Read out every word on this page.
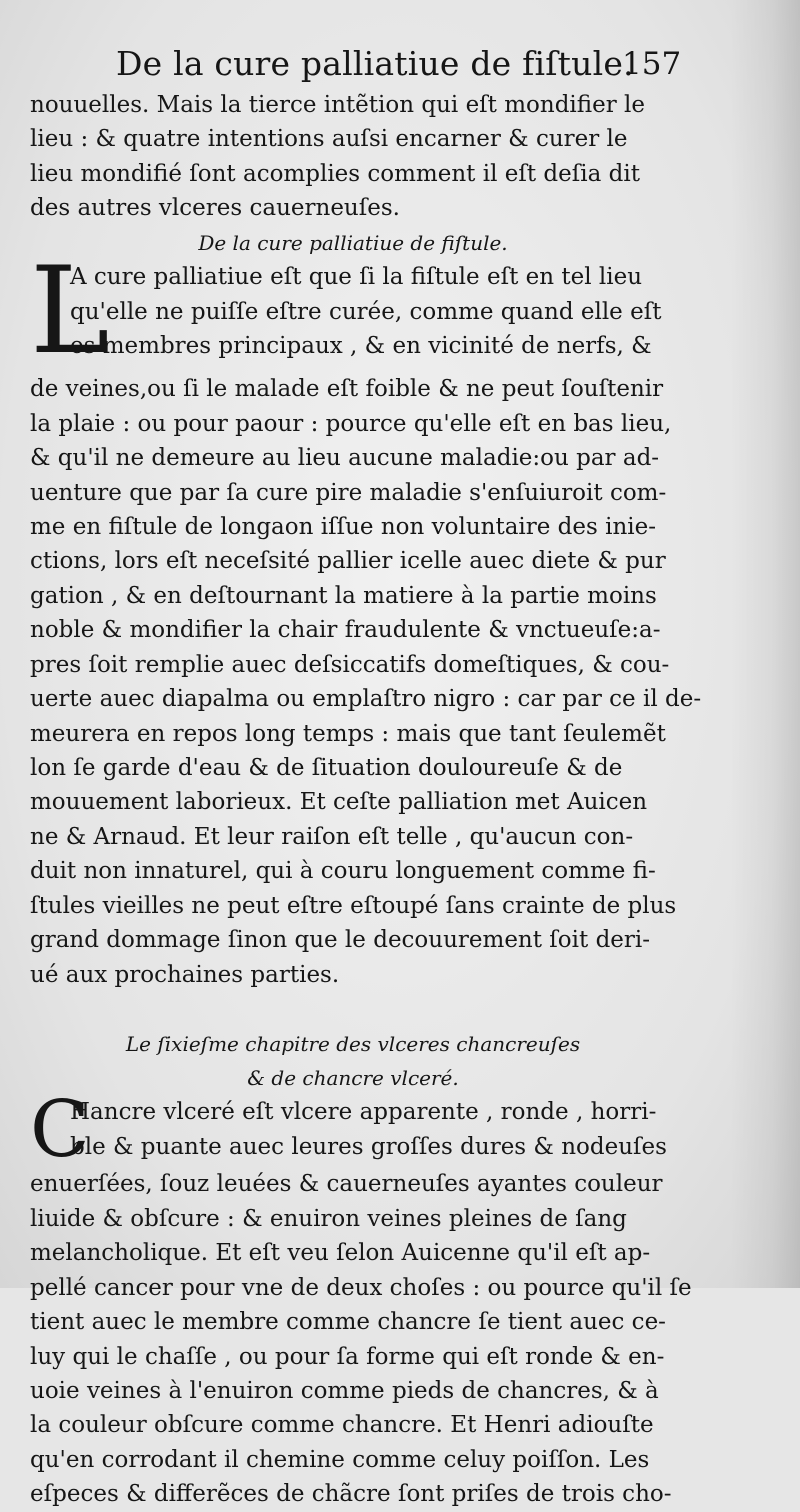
De la cure palliatiue de fiſtule.
157
nouuelles. Mais la tierce intẽtion qui eſt mondifier le
lieu : & quatre intentions auſsi encarner & curer le
lieu mondifié ſont acomplies comment il eſt deſia dit
des autres vlceres cauerneuſes.
De la cure palliatiue de fiſtule.
L
A cure palliatiue eſt que ſi la fiſtule eſt en tel lieu
qu'elle ne puiſſe eſtre curée, comme quand elle eſt
es membres principaux , & en vicinité de nerfs, &
de veines,ou ſi le malade eſt foible & ne peut ſouſtenir
la plaie : ou pour paour : pource qu'elle eſt en bas lieu,
& qu'il ne demeure au lieu aucune maladie:ou par ad-
uenture que par ſa cure pire maladie s'enſuiuroit com-
me en fiſtule de longaon iſſue non voluntaire des inie-
ctions, lors eſt neceſsité pallier icelle auec diete & pur
gation , & en deſtournant la matiere à la partie moins
noble & mondifier la chair fraudulente & vnctueuſe:a-
pres ſoit remplie auec deſsiccatifs domeſtiques, & cou-
uerte auec diapalma ou emplaſtro nigro : car par ce il de-
meurera en repos long temps : mais que tant ſeulemẽt
lon ſe garde d'eau & de ſituation douloureuſe & de
mouuement laborieux. Et ceſte palliation met Auicen
ne & Arnaud. Et leur raiſon eſt telle , qu'aucun con-
duit non innaturel, qui à couru longuement comme fi-
ſtules vieilles ne peut eſtre eſtoupé ſans crainte de plus
grand dommage ſinon que le decouurement ſoit deri-
ué aux prochaines parties.
Le ſixieſme chapitre des vlceres chancreuſes
& de chancre vlceré.
C
Hancre vlceré eſt vlcere apparente , ronde , horri-
ble & puante auec leures groſſes dures & nodeuſes
enuerſées, ſouz leuées & cauerneuſes ayantes couleur
liuide & obſcure : & enuiron veines pleines de ſang
melancholique. Et eſt veu ſelon Auicenne qu'il eſt ap-
pellé cancer pour vne de deux choſes : ou pource qu'il ſe
tient auec le membre comme chancre ſe tient auec ce-
luy qui le chaſſe , ou pour ſa forme qui eſt ronde & en-
uoie veines à l'enuiron comme pieds de chancres, & à
la couleur obſcure comme chancre. Et Henri adiouſte
qu'en corrodant il chemine comme celuy poiſſon. Les
eſpeces & differẽces de chãcre ſont priſes de trois cho-
